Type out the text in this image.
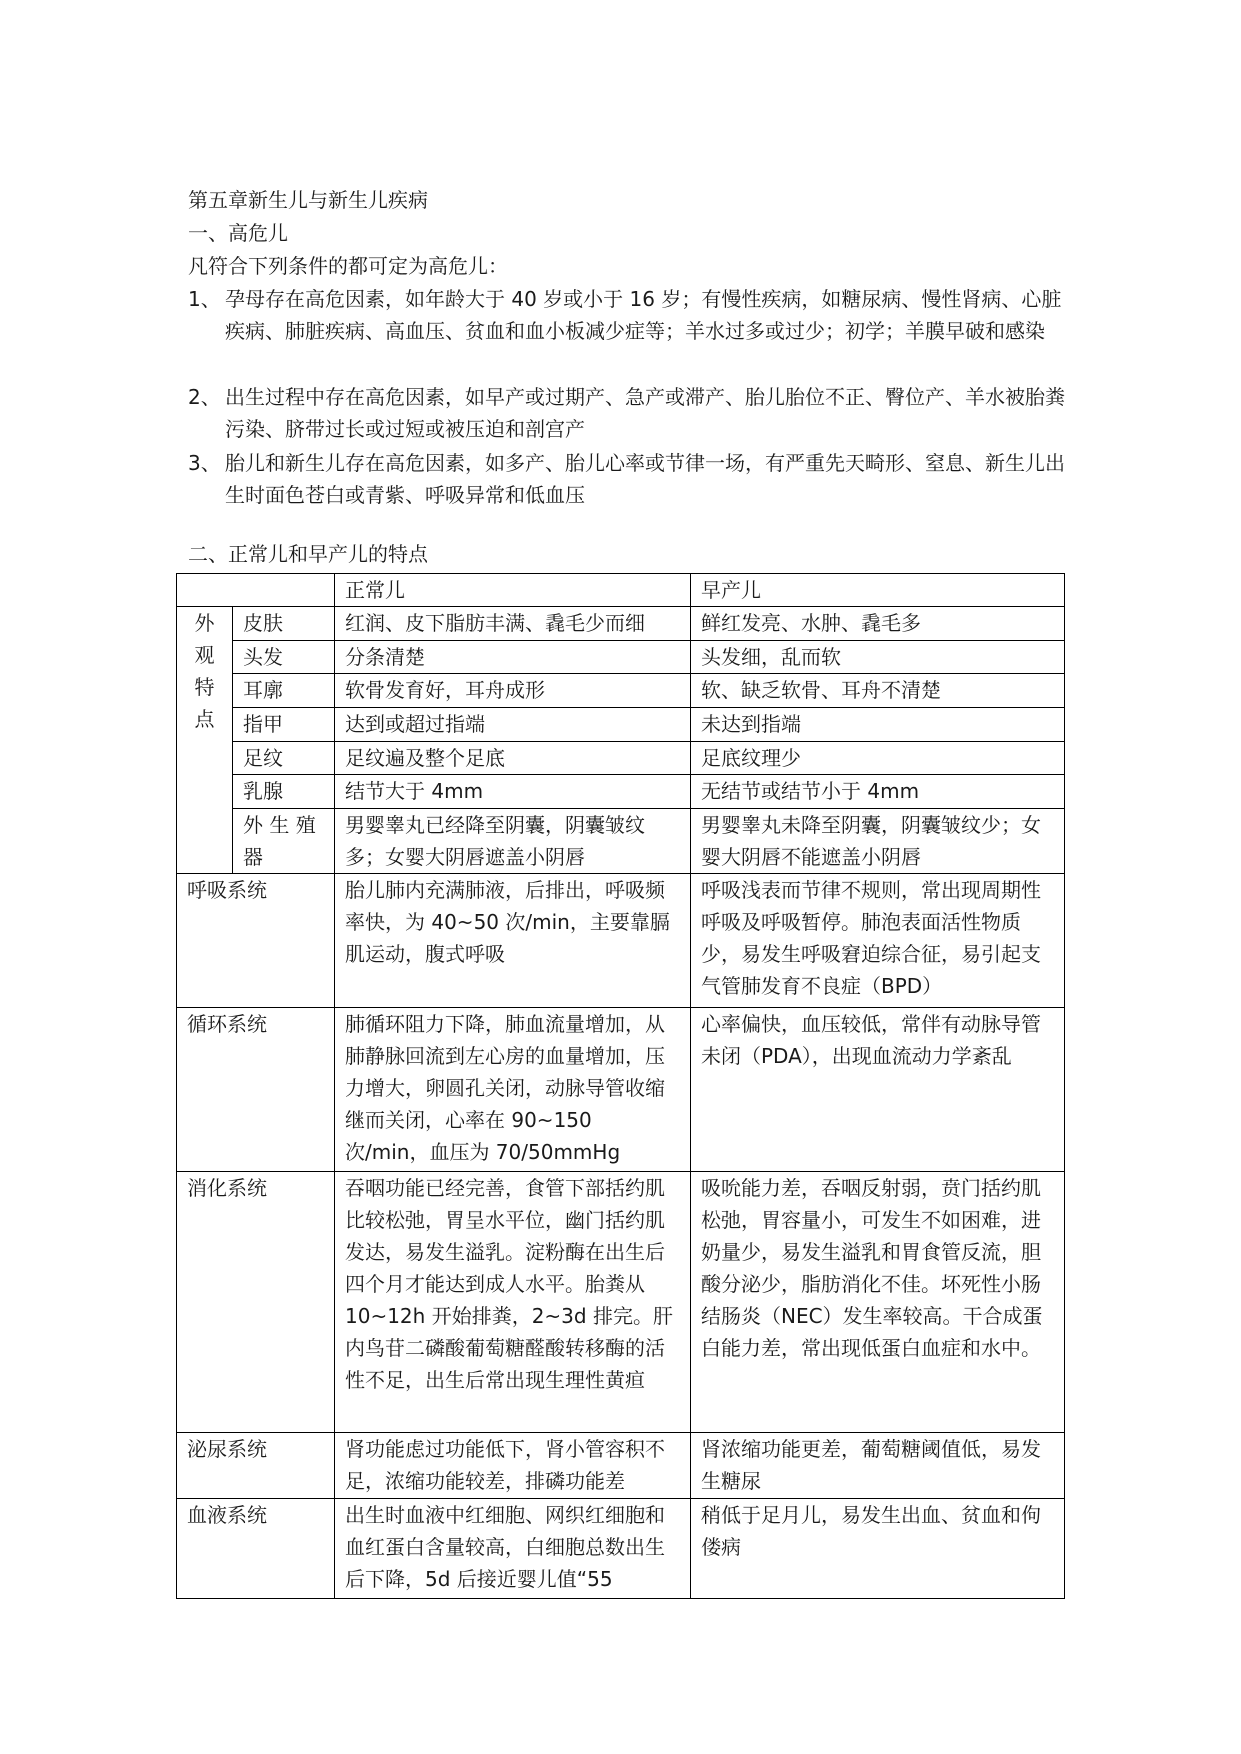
第五章新生儿与新生儿疾病
一、高危儿
凡符合下列条件的都可定为高危儿：
1、 孕母存在高危因素，如年龄大于 40 岁或小于 16 岁；有慢性疾病，如糖尿病、慢性肾病、心脏疾病、肺脏疾病、高血压、贫血和血小板减少症等；羊水过多或过少；初学；羊膜早破和感染
2、 出生过程中存在高危因素，如早产或过期产、急产或滞产、胎儿胎位不正、臀位产、羊水被胎粪污染、脐带过长或过短或被压迫和剖宫产
3、 胎儿和新生儿存在高危因素，如多产、胎儿心率或节律一场，有严重先天畸形、窒息、新生儿出生时面色苍白或青紫、呼吸异常和低血压
二、正常儿和早产儿的特点
		正常儿	早产儿

外
观
特
点	皮肤	红润、皮下脂肪丰满、毳毛少而细	鲜红发亮、水肿、毳毛多
	头发	分条清楚	头发细，乱而软
	耳廓	软骨发育好，耳舟成形	软、缺乏软骨、耳舟不清楚
	指甲	达到或超过指端	未达到指端
	足纹	足纹遍及整个足底	足底纹理少
	乳腺	结节大于 4mm	无结节或结节小于 4mm
	外 生 殖 器	男婴睾丸已经降至阴囊，阴囊皱纹多；女婴大阴唇遮盖小阴唇	男婴睾丸未降至阴囊，阴囊皱纹少；女婴大阴唇不能遮盖小阴唇
呼吸系统		胎儿肺内充满肺液，后排出，呼吸频率快，为 40~50 次/min，主要靠膈肌运动，腹式呼吸	呼吸浅表而节律不规则，常出现周期性呼吸及呼吸暂停。肺泡表面活性物质少，易发生呼吸窘迫综合征，易引起支气管肺发育不良症（BPD）
循环系统		肺循环阻力下降，肺血流量增加，从肺静脉回流到左心房的血量增加，压力增大，卵圆孔关闭，动脉导管收缩继而关闭，心率在 90~150 次/min，血压为 70/50mmHg	心率偏快，血压较低，常伴有动脉导管未闭（PDA），出现血流动力学紊乱
消化系统		吞咽功能已经完善，食管下部括约肌比较松弛，胃呈水平位，幽门括约肌发达，易发生溢乳。淀粉酶在出生后四个月才能达到成人水平。胎粪从 10~12h 开始排粪，2~3d 排完。肝内鸟苷二磷酸葡萄糖醛酸转移酶的活性不足，出生后常出现生理性黄疸	吸吮能力差，吞咽反射弱，贲门括约肌松弛，胃容量小，可发生不如困难，进奶量少，易发生溢乳和胃食管反流，胆酸分泌少，脂肪消化不佳。坏死性小肠结肠炎（NEC）发生率较高。干合成蛋白能力差，常出现低蛋白血症和水中。
泌尿系统		肾功能虑过功能低下，肾小管容积不足，浓缩功能较差，排磷功能差	肾浓缩功能更差，葡萄糖阈值低，易发生糖尿
血液系统		出生时血液中红细胞、网织红细胞和血红蛋白含量较高，白细胞总数出生后下降，5d 后接近婴儿值“55	稍低于足月儿，易发生出血、贫血和佝偻病
